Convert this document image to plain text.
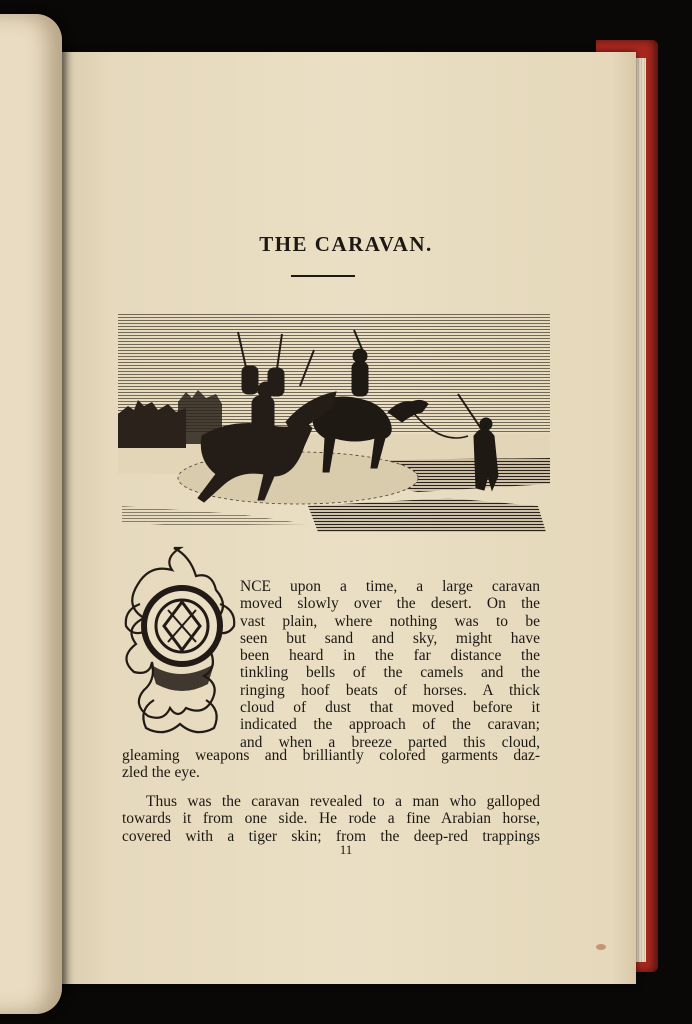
THE CARAVAN.
NCE upon a time, a large caravan
moved slowly over the desert. On the
vast plain, where nothing was to be
seen but sand and sky, might have
been heard in the far distance the
tinkling bells of the camels and the
ringing hoof beats of horses. A thick
cloud of dust that moved before it
indicated the approach of the caravan;
and when a breeze parted this cloud,
gleaming weapons and brilliantly colored garments daz-
zled the eye.
Thus was the caravan revealed to a man who galloped
towards it from one side. He rode a fine Arabian horse,
covered with a tiger skin; from the deep-red trappings
11
